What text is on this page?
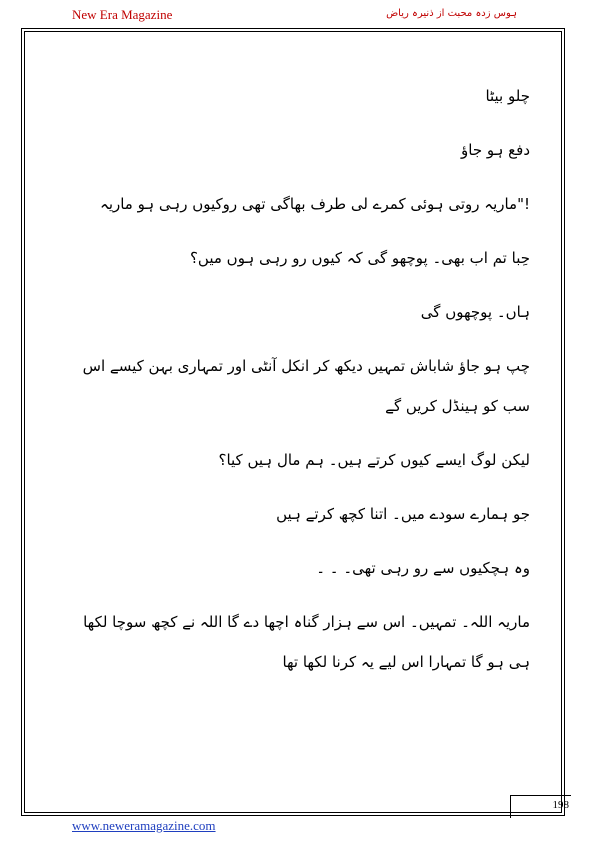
New Era Magazine	ہوس زدہ محبت از ذنیرہ ریاض

چلو بیٹا

دفع ہو جاؤ

!"ماریہ روتی ہوئی کمرے لی طرف بھاگی تھی روکیوں رہی ہو ماریہ

حِبا تم اب بھی۔ پوچھو گی کہ کیوں رو رہی ہوں میں؟

ہاں۔ پوچھوں گی

چپ ہو جاؤ شاباش تمہیں دیکھ کر انکل آنٹی اور تمہاری بہن کیسے اس

سب کو ہینڈل کریں گے

لیکن لوگ ایسے کیوں کرتے ہیں۔ ہم مال ہیں کیا؟

جو ہمارے سودے میں۔ اتنا کچھ کرتے ہیں

وہ ہچکیوں سے رو رہی تھی۔ ۔ ۔

ماریہ اللہ۔ تمہیں۔ اس سے ہزار گناہ اچھا دے گا اللہ نے کچھ سوچا لکھا

ہی ہو گا تمہارا اس لیے یہ کرنا لکھا تھا

198
www.neweramagazine.com
